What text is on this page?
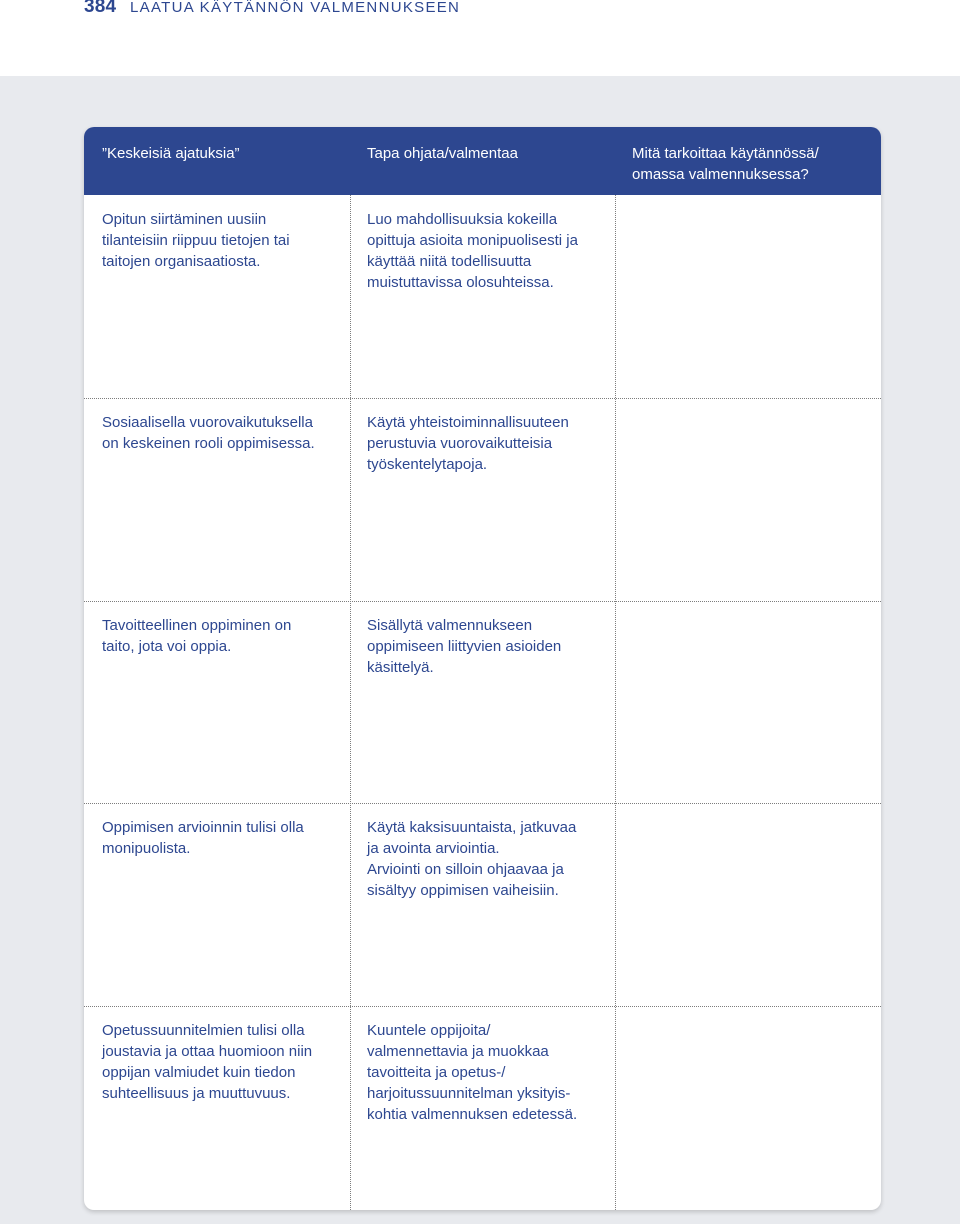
384 LAATUA KÄYTÄNNÖN VALMENNUKSEEN
”Keskeisiä ajatuksia”	Tapa ohjata/valmentaa	Mitä tarkoittaa käytännössä/
omassa valmennuksessa?
Opitun siirtäminen uusiin
tilanteisiin riippuu tietojen tai
taitojen organisaatiosta.
Luo mahdollisuuksia kokeilla
opittuja asioita monipuolisesti ja
käyttää niitä todellisuutta
muistuttavissa olosuhteissa.
Sosiaalisella vuorovaikutuksella
on keskeinen rooli oppimisessa.
Käytä yhteistoiminnallisuuteen
perustuvia vuorovaikutteisia
työskentelytapoja.
Tavoitteellinen oppiminen on
taito, jota voi oppia.
Sisällytä valmennukseen
oppimiseen liittyvien asioiden
käsittelyä.
Oppimisen arvioinnin tulisi olla
monipuolista.
Käytä kaksisuuntaista, jatkuvaa
ja avointa arviointia.
Arviointi on silloin ohjaavaa ja
sisältyy oppimisen vaiheisiin.
Opetussuunnitelmien tulisi olla
joustavia ja ottaa huomioon niin
oppijan valmiudet kuin tiedon
suhteellisuus ja muuttuvuus.
Kuuntele oppijoita/
valmennettavia ja muokkaa
tavoitteita ja opetus-/
harjoitussuunnitelman yksityis-
kohtia valmennuksen edetessä.
